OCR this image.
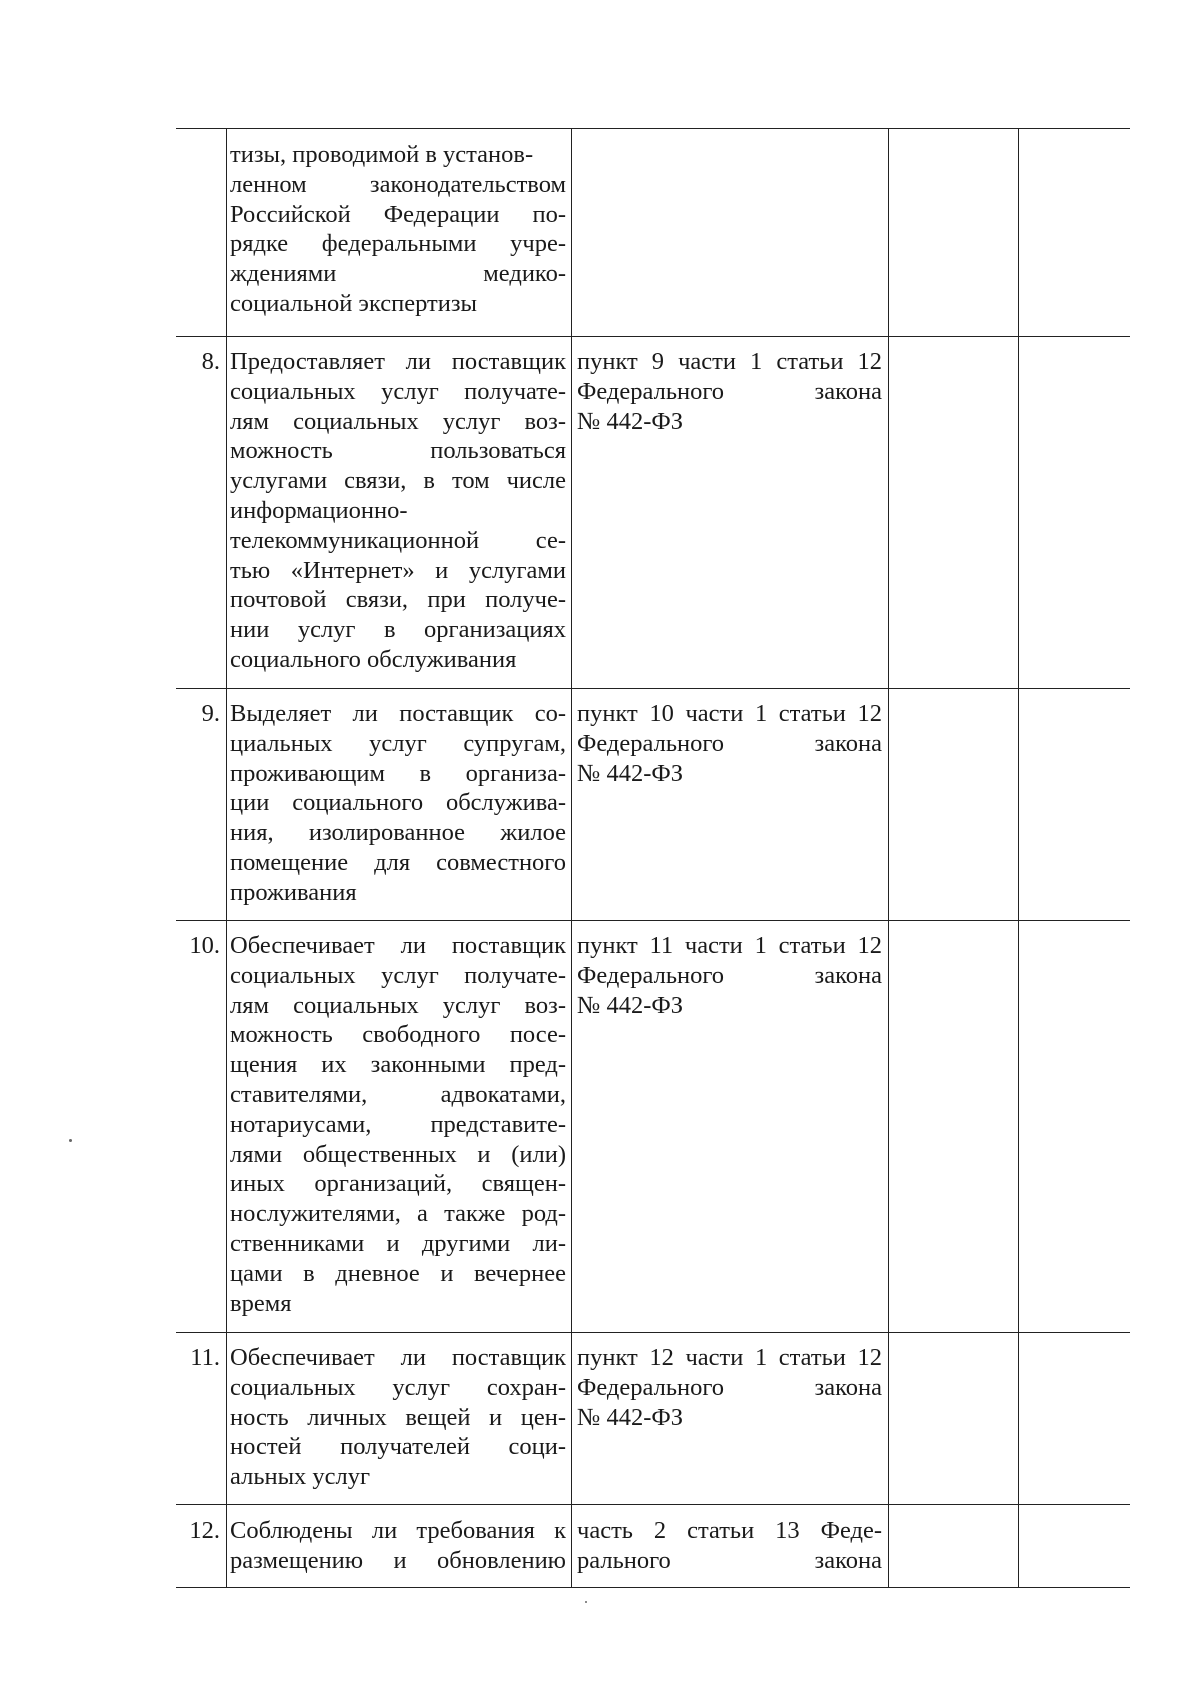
тизы, проводимой в установ-
ленном законодательством
Российской Федерации по-
рядке федеральными учре-
ждениями медико-
социальной экспертизы
8. Предоставляет ли поставщик
социальных услуг получате-
лям социальных услуг воз-
можность пользоваться
услугами связи, в том числе
информационно-
телекоммуникационной се-
тью «Интернет» и услугами
почтовой связи, при получе-
нии услуг в организациях
социального обслуживания
пункт 9 части 1 статьи 12
Федерального закона
№ 442-ФЗ
9. Выделяет ли поставщик со-
циальных услуг супругам,
проживающим в организа-
ции социального обслужива-
ния, изолированное жилое
помещение для совместного
проживания
пункт 10 части 1 статьи 12
Федерального закона
№ 442-ФЗ
10. Обеспечивает ли поставщик
социальных услуг получате-
лям социальных услуг воз-
можность свободного посе-
щения их законными пред-
ставителями, адвокатами,
нотариусами, представите-
лями общественных и (или)
иных организаций, священ-
нослужителями, а также род-
ственниками и другими ли-
цами в дневное и вечернее
время
пункт 11 части 1 статьи 12
Федерального закона
№ 442-ФЗ
11. Обеспечивает ли поставщик
социальных услуг сохран-
ность личных вещей и цен-
ностей получателей соци-
альных услуг
пункт 12 части 1 статьи 12
Федерального закона
№ 442-ФЗ
12. Соблюдены ли требования к
размещению и обновлению
часть 2 статьи 13 Феде-
рального закона
